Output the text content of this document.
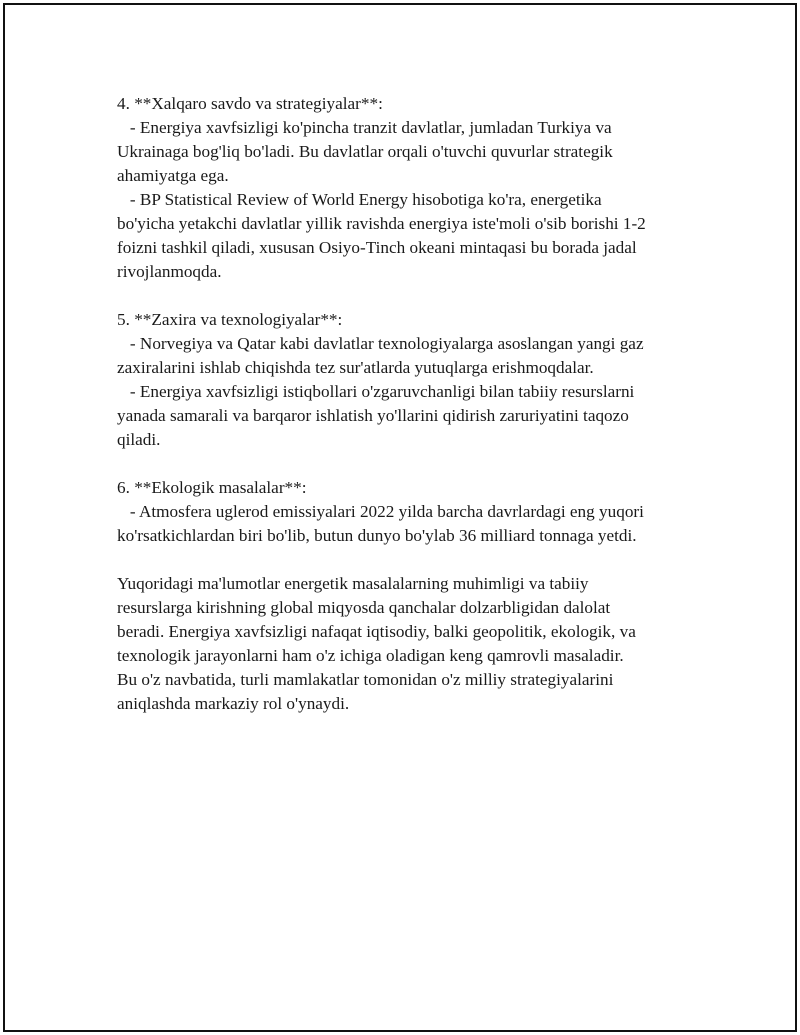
4. **Xalqaro savdo va strategiyalar**:
- Energiya xavfsizligi ko'pincha tranzit davlatlar, jumladan Turkiya va
Ukrainaga bog'liq bo'ladi. Bu davlatlar orqali o'tuvchi quvurlar strategik
ahamiyatga ega.
- BP Statistical Review of World Energy hisobotiga ko'ra, energetika
bo'yicha yetakchi davlatlar yillik ravishda energiya iste'moli o'sib borishi 1-2
foizni tashkil qiladi, xususan Osiyo-Tinch okeani mintaqasi bu borada jadal
rivojlanmoqda.
5. **Zaxira va texnologiyalar**:
- Norvegiya va Qatar kabi davlatlar texnologiyalarga asoslangan yangi gaz
zaxiralarini ishlab chiqishda tez sur'atlarda yutuqlarga erishmoqdalar.
- Energiya xavfsizligi istiqbollari o'zgaruvchanligi bilan tabiiy resurslarni
yanada samarali va barqaror ishlatish yo'llarini qidirish zaruriyatini taqozo
qiladi.
6. **Ekologik masalalar**:
- Atmosfera uglerod emissiyalari 2022 yilda barcha davrlardagi eng yuqori
ko'rsatkichlardan biri bo'lib, butun dunyo bo'ylab 36 milliard tonnaga yetdi.
Yuqoridagi ma'lumotlar energetik masalalarning muhimligi va tabiiy
resurslarga kirishning global miqyosda qanchalar dolzarbligidan dalolat
beradi. Energiya xavfsizligi nafaqat iqtisodiy, balki geopolitik, ekologik, va
texnologik jarayonlarni ham o'z ichiga oladigan keng qamrovli masaladir.
Bu o'z navbatida, turli mamlakatlar tomonidan o'z milliy strategiyalarini
aniqlashda markaziy rol o'ynaydi.
